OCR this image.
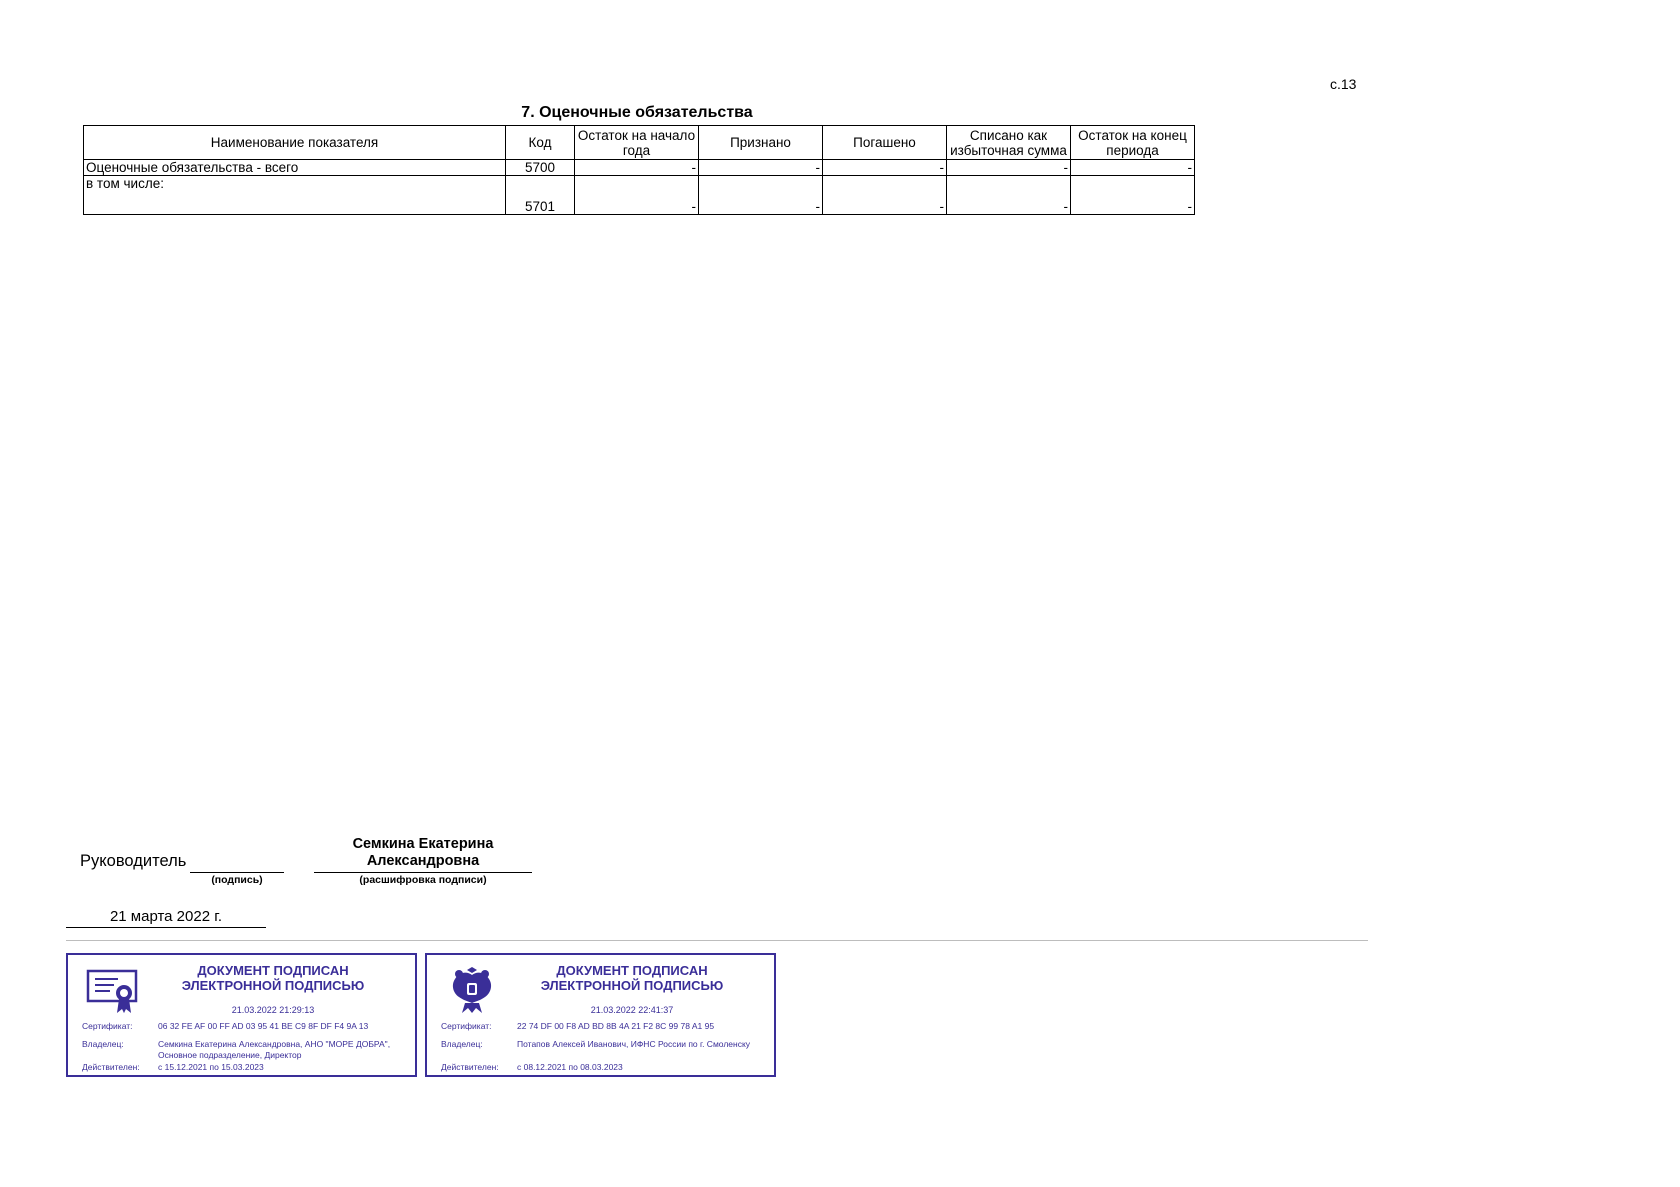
с.13
7. Оценочные обязательства
Наименование показателя	Код	Остаток на начало года	Признано	Погашено	Списано как избыточная сумма	Остаток на конец периода
Оценочные обязательства - всего	5700	-	-	-	-	-
в том числе:	5701	-	-	-	-	-
Руководитель
(подпись)
Семкина Екатерина Александровна
(расшифровка подписи)
21 марта 2022 г.
ДОКУМЕНТ ПОДПИСАН ЭЛЕКТРОННОЙ ПОДПИСЬЮ
21.03.2022 21:29:13
Сертификат:	06 32 FE AF 00 FF AD 03 95 41 BE C9 8F DF F4 9A 13
Владелец:	Семкина Екатерина Александровна, АНО "МОРЕ ДОБРА", Основное подразделение, Директор
Действителен: с 15.12.2021 по 15.03.2023
ДОКУМЕНТ ПОДПИСАН ЭЛЕКТРОННОЙ ПОДПИСЬЮ
21.03.2022 22:41:37
Сертификат:	22 74 DF 00 F8 AD BD 8B 4A 21 F2 8C 99 78 A1 95
Владелец:	Потапов Алексей Иванович, ИФНС России по г. Смоленску
Действителен: с 08.12.2021 по 08.03.2023
